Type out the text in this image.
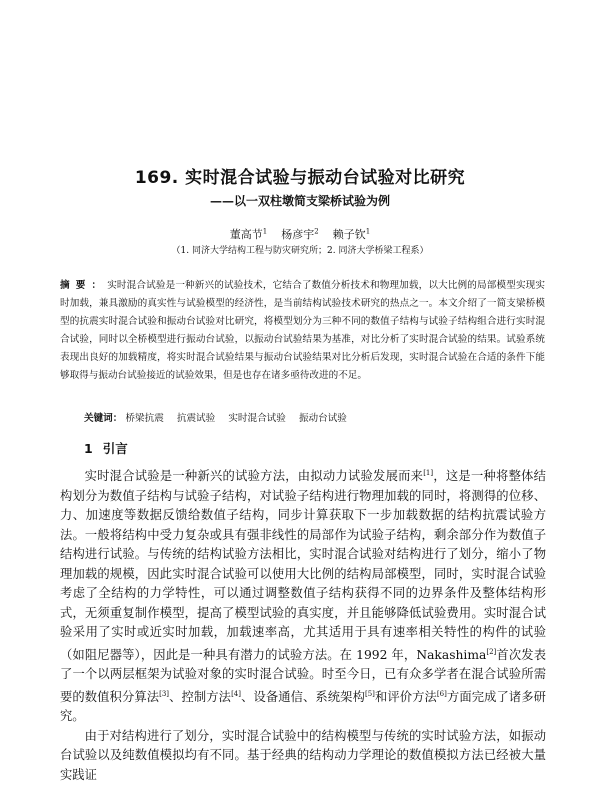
169. 实时混合试验与振动台试验对比研究
——以一双柱墩简支梁桥试验为例
董高节$^1$ 杨彦宇$^2$ 赖子钦$^1$
（1. 同济大学结构工程与防灾研究所；2. 同济大学桥梁工程系）
摘要：实时混合试验是一种新兴的试验技术，它结合了数值分析技术和物理加载，以大比例的局部模型实现实时加载，兼具激励的真实性与试验模型的经济性，是当前结构试验技术研究的热点之一。本文介绍了一简支梁桥模型的抗震实时混合试验和振动台试验对比研究，将模型划分为三种不同的数值子结构与试验子结构组合进行实时混合试验，同时以全桥模型进行振动台试验，以振动台试验结果为基准，对比分析了实时混合试验的结果。试验系统表现出良好的加载精度，将实时混合试验结果与振动台试验结果对比分析后发现，实时混合试验在合适的条件下能够取得与振动台试验接近的试验效果，但是也存在诸多亟待改进的不足。
关键词： 桥梁抗震 抗震试验 实时混合试验 振动台试验
1 引言

实时混合试验是一种新兴的试验方法，由拟动力试验发展而来[1]，这是一种将整体结构划分为数值子结构与试验子结构，对试验子结构进行物理加载的同时，将测得的位移、力、加速度等数据反馈给数值子结构，同步计算获取下一步加载数据的结构抗震试验方法。一般将结构中受力复杂或具有强非线性的局部作为试验子结构，剩余部分作为数值子结构进行试验。与传统的结构试验方法相比，实时混合试验对结构进行了划分，缩小了物理加载的规模，因此实时混合试验可以使用大比例的结构局部模型，同时，实时混合试验考虑了全结构的力学特性，可以通过调整数值子结构获得不同的边界条件及整体结构形式，无须重复制作模型，提高了模型试验的真实度，并且能够降低试验费用。实时混合试验采用了实时或近实时加载，加载速率高，尤其适用于具有速率相关特性的构件的试验（如阻尼器等），因此是一种具有潜力的试验方法。在 1992 年，Nakashima[2]首次发表了一个以两层框架为试验对象的实时混合试验。时至今日，已有众多学者在混合试验所需要的数值积分算法[3]、控制方法[4]、设备通信、系统架构[5]和评价方法[6]方面完成了诸多研究。

由于对结构进行了划分，实时混合试验中的结构模型与传统的实时试验方法，如振动台试验以及纯数值模拟均有不同。基于经典的结构动力学理论的数值模拟方法已经被大量实践证
